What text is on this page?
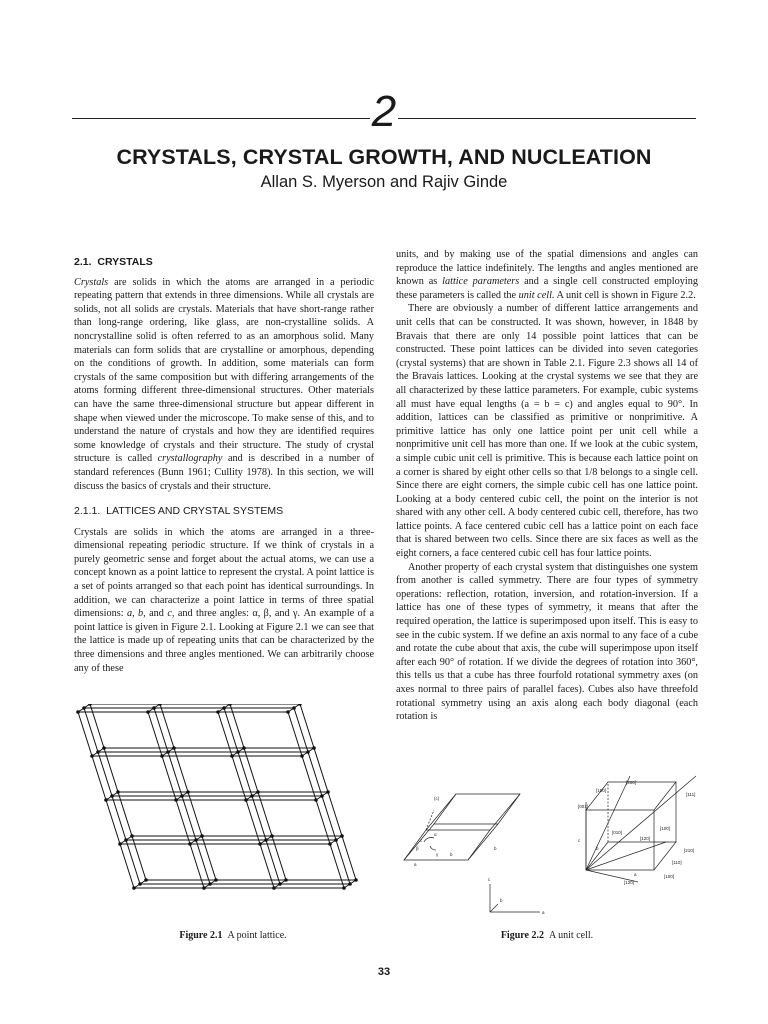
2
CRYSTALS, CRYSTAL GROWTH, AND NUCLEATION
Allan S. Myerson and Rajiv Ginde
2.1. CRYSTALS

Crystals are solids in which the atoms are arranged in a periodic repeating pattern that extends in three dimensions. While all crystals are solids, not all solids are crystals. Materials that have short-range rather than long-range ordering, like glass, are non-crystalline solids. A noncrystalline solid is often referred to as an amorphous solid. Many materials can form solids that are crystalline or amorphous, depending on the conditions of growth. In addition, some materials can form crystals of the same composition but with differing arrangements of the atoms forming different three-dimensional structures. Other materials can have the same three-dimensional structure but appear different in shape when viewed under the microscope. To make sense of this, and to understand the nature of crystals and how they are identified requires some knowledge of crystals and their structure. The study of crystal structure is called crystallography and is described in a number of standard references (Bunn 1961; Cullity 1978). In this section, we will discuss the basics of crystals and their structure.

2.1.1. LATTICES AND CRYSTAL SYSTEMS

Crystals are solids in which the atoms are arranged in a three-dimensional repeating periodic structure. If we think of crystals in a purely geometric sense and forget about the actual atoms, we can use a concept known as a point lattice to represent the crystal. A point lattice is a set of points arranged so that each point has identical surroundings. In addition, we can characterize a point lattice in terms of three spatial dimensions: a, b, and c, and three angles: α, β, and γ. An example of a point lattice is given in Figure 2.1. Looking at Figure 2.1 we can see that the lattice is made up of repeating units that can be characterized by the three dimensions and three angles mentioned. We can arbitrarily choose any of these

units, and by making use of the spatial dimensions and angles can reproduce the lattice indefinitely. The lengths and angles mentioned are known as lattice parameters and a single cell constructed employing these parameters is called the unit cell. A unit cell is shown in Figure 2.2.

There are obviously a number of different lattice arrangements and unit cells that can be constructed. It was shown, however, in 1848 by Bravais that there are only 14 possible point lattices that can be constructed. These point lattices can be divided into seven categories (crystal systems) that are shown in Table 2.1. Figure 2.3 shows all 14 of the Bravais lattices. Looking at the crystal systems we see that they are all characterized by these lattice parameters. For example, cubic systems all must have equal lengths (a = b = c) and angles equal to 90°. In addition, lattices can be classified as primitive or nonprimitive. A primitive lattice has only one lattice point per unit cell while a nonprimitive unit cell has more than one. If we look at the cubic system, a simple cubic unit cell is primitive. This is because each lattice point on a corner is shared by eight other cells so that 1/8 belongs to a single cell. Since there are eight corners, the simple cubic cell has one lattice point. Looking at a body centered cubic cell, the point on the interior is not shared with any other cell. A body centered cubic cell, therefore, has two lattice points. A face centered cubic cell has a lattice point on each face that is shared between two cells. Since there are six faces as well as the eight corners, a face centered cubic cell has four lattice points.

Another property of each crystal system that distinguishes one system from another is called symmetry. There are four types of symmetry operations: reflection, rotation, inversion, and rotation-inversion. If a lattice has one of these types of symmetry, it means that after the required operation, the lattice is superimposed upon itself. This is easy to see in the cubic system. If we define an axis normal to any face of a cube and rotate the cube about that axis, the cube will superimpose upon itself after each 90° of rotation. If we divide the degrees of rotation into 360°, this tells us that a cube has three fourfold rotational symmetry axes (on axes normal to three pairs of parallel faces). Cubes also have threefold rotational symmetry using an axis along each body diagonal (each rotation is

(c)
c
a
b
b
β
α
γ
c
b
a
[200]
[100]
[111]
[001]
[010]
[120]
[100]
[210]
[110]
[100]
[120]
b
a
c
Figure 2.1 A point lattice.	Figure 2.2 A unit cell.
33
